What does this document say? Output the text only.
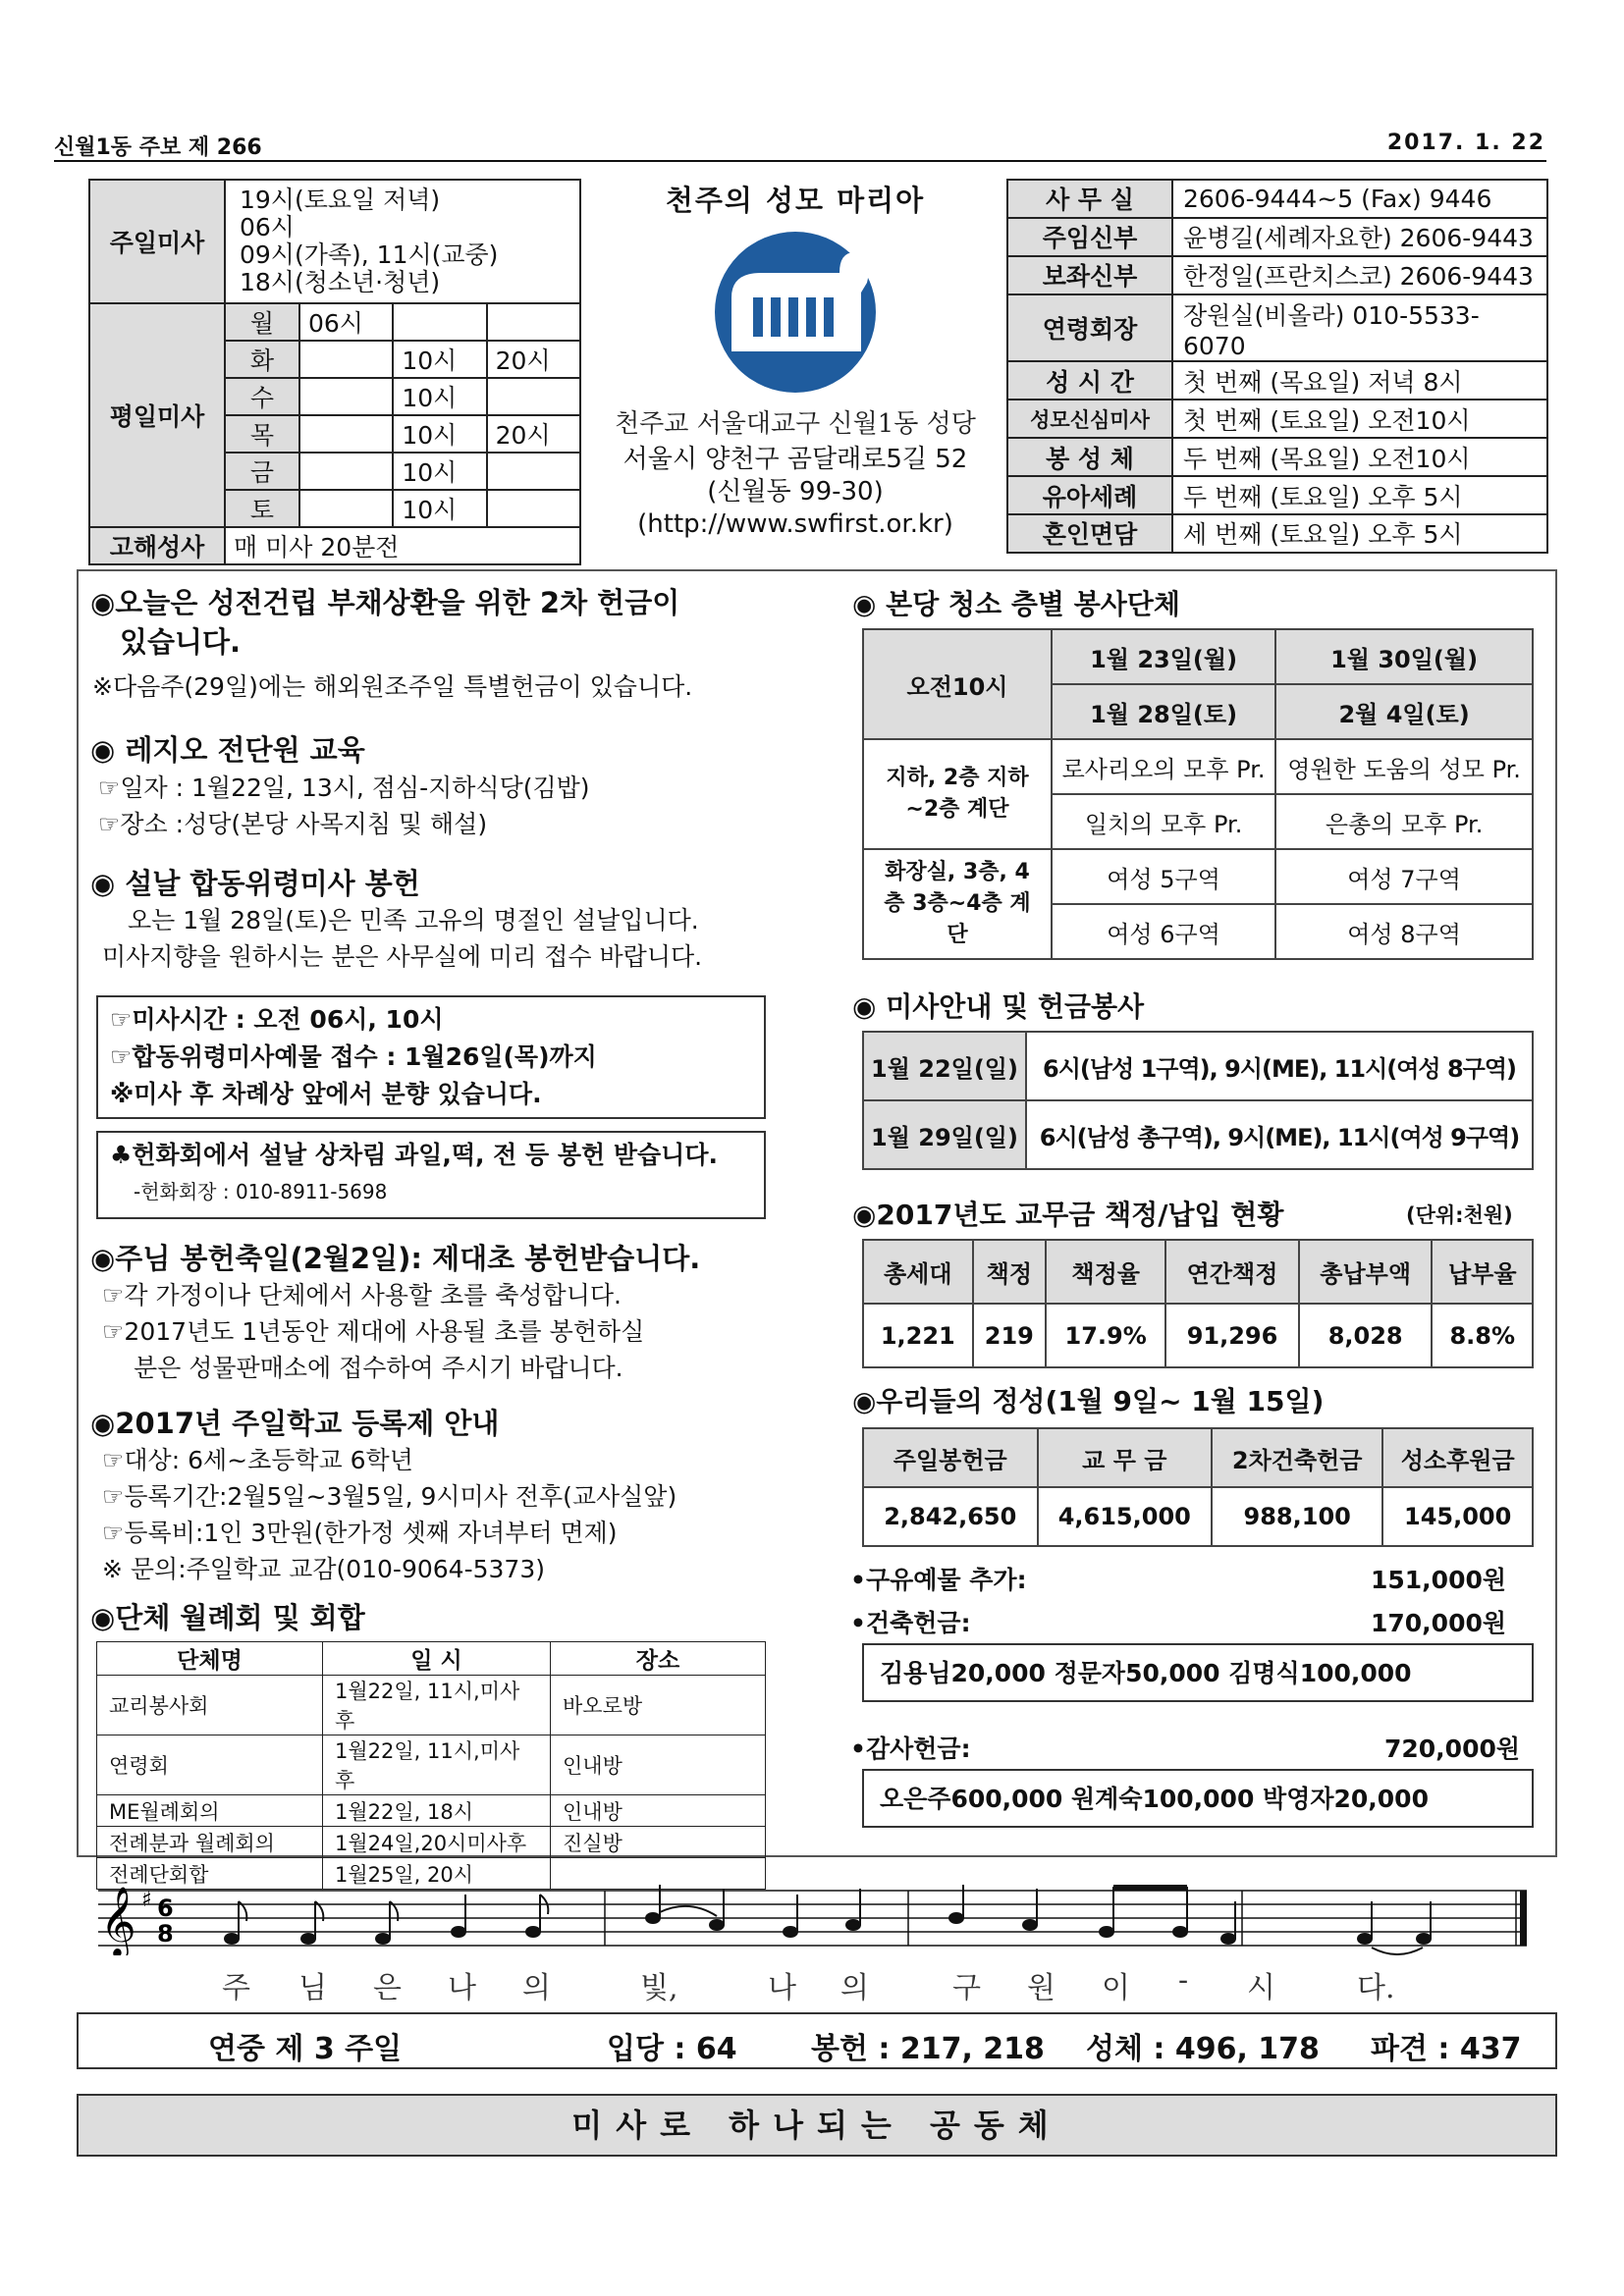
신월1동 주보 제 266	2017. 1. 22
주일미사	19시(토요일 저녁)
06시
09시(가족), 11시(교중)
18시(청소년·청년)			

평일미사	월	06시		
	화		10시	20시
	수		10시	
	목		10시	20시
	금		10시	
	토		10시	
고해성사	매 미사 20분전			
천주의 성모 마리아
천주교 서울대교구 신월1동 성당
서울시 양천구 곰달래로5길 52
(신월동 99-30)
(http://www.swfirst.or.kr)
사 무 실	2606-9444~5 (Fax) 9446
주임신부	윤병길(세례자요한) 2606-9443
보좌신부	한정일(프란치스코) 2606-9443
연령회장	장원실(비올라) 010-5533-6070
성 시 간	첫 번째 (목요일) 저녁 8시
성모신심미사	첫 번째 (토요일) 오전10시
봉 성 체	두 번째 (목요일) 오전10시
유아세례	두 번째 (토요일) 오후 5시
혼인면담	세 번째 (토요일) 오후 5시
◉오늘은 성전건립 부채상환을 위한 2차 헌금이
있습니다.
※다음주(29일)에는 해외원조주일 특별헌금이 있습니다.
◉ 레지오 전단원 교육
☞일자 : 1월22일, 13시, 점심-지하식당(김밥)
☞장소 :성당(본당 사목지침 및 해설)
◉ 설날 합동위령미사 봉헌
오는 1월 28일(토)은 민족 고유의 명절인 설날입니다.
미사지향을 원하시는 분은 사무실에 미리 접수 바랍니다.
☞미사시간 : 오전 06시, 10시
☞합동위령미사예물 접수 : 1월26일(목)까지
※미사 후 차례상 앞에서 분향 있습니다.
♣헌화회에서 설날 상차림 과일,떡, 전 등 봉헌 받습니다.
-헌화회장 : 010-8911-5698
◉주님 봉헌축일(2월2일): 제대초 봉헌받습니다.
☞각 가정이나 단체에서 사용할 초를 축성합니다.
☞2017년도 1년동안 제대에 사용될 초를 봉헌하실
분은 성물판매소에 접수하여 주시기 바랍니다.
◉2017년 주일학교 등록제 안내
☞대상: 6세~초등학교 6학년
☞등록기간:2월5일~3월5일, 9시미사 전후(교사실앞)
☞등록비:1인 3만원(한가정 셋째 자녀부터 면제)
※ 문의:주일학교 교감(010-9064-5373)
◉단체 월례회 및 회합
단체명	일 시	장소
교리봉사회	1월22일, 11시,미사후	바오로방
연령회	1월22일, 11시,미사후	인내방
ME월례회의	1월22일, 18시	인내방
전례분과 월례회의	1월24일,20시미사후	진실방
전례단회합	1월25일, 20시	
◉ 본당 청소 층별 봉사단체
오전10시	1월 23일(월)	1월 30일(월)
	1월 28일(토)	2월 4일(토)
지하, 2층 지하~2층 계단	로사리오의 모후 Pr.	영원한 도움의 성모 Pr.
	일치의 모후 Pr.	은총의 모후 Pr.
화장실, 3층, 4층 3층~4층 계단	여성 5구역	여성 7구역
	여성 6구역	여성 8구역
◉ 미사안내 및 헌금봉사
1월 22일(일)	6시(남성 1구역), 9시(ME), 11시(여성 8구역)
1월 29일(일)	6시(남성 총구역), 9시(ME), 11시(여성 9구역)
◉2017년도 교무금 책정/납입 현황	(단위:천원)
총세대	책정	책정율	연간책정	총납부액	납부율
1,221	219	17.9%	91,296	8,028	8.8%
◉우리들의 정성(1월 9일~ 1월 15일)
주일봉헌금	교 무 금	2차건축헌금	성소후원금
2,842,650	4,615,000	988,100	145,000
•구유예물 추가:	151,000원
•건축헌금:	170,000원
김용님20,000 정문자50,000 김명식100,000
•감사헌금:	720,000원
오은주600,000 원계숙100,000 박영자20,000
𝄞 ♯ 6
8
주 님 은 나 의	빛,	나 의	구 원 이 - 시	다.
연중 제 3 주일	입당 : 64	봉헌 : 217, 218 성체 : 496, 178 파견 : 437
미사로 하나되는 공동체
